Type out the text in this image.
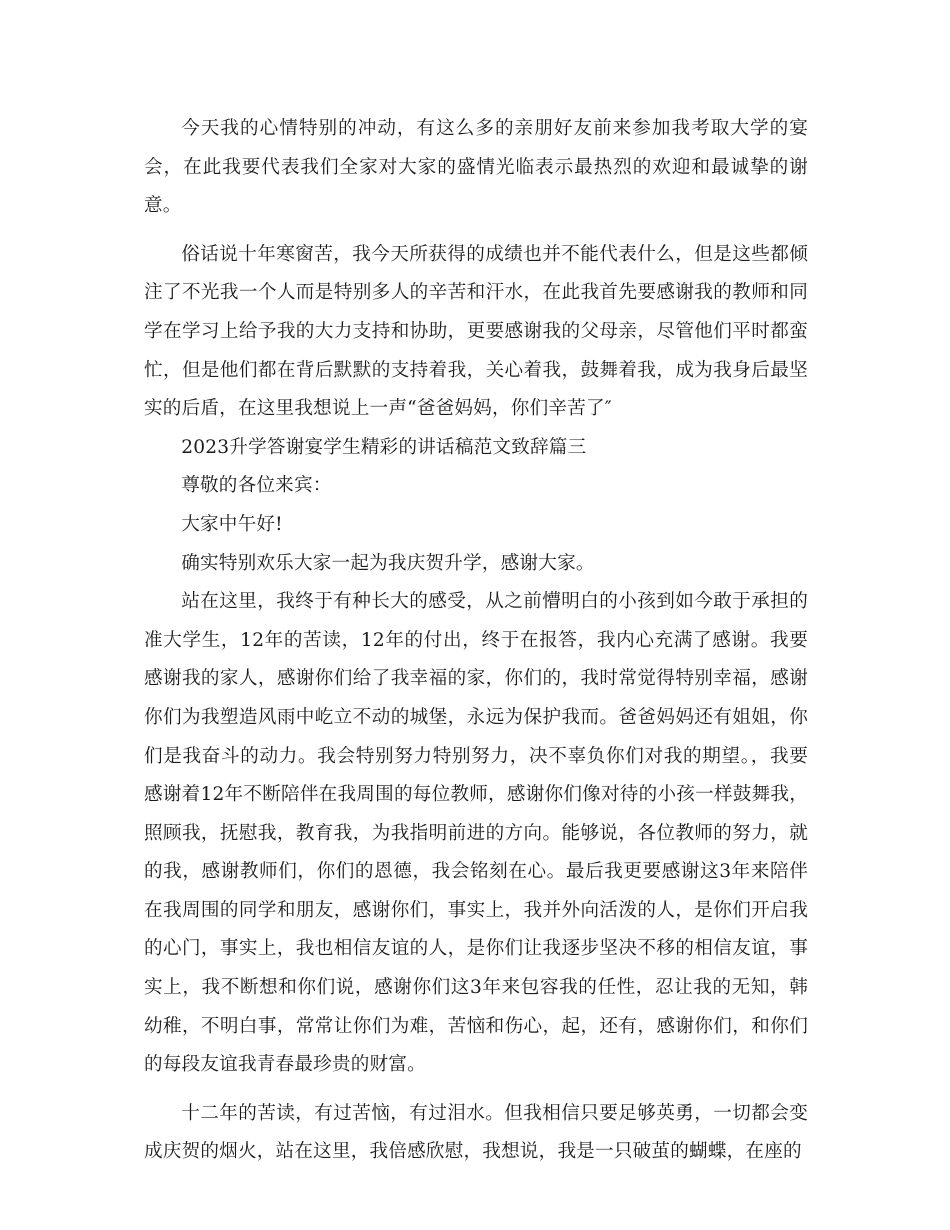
今天我的心情特别的冲动，有这么多的亲朋好友前来参加我考取大学的宴会，在此我要代表我们全家对大家的盛情光临表示最热烈的欢迎和最诚挚的谢意。

俗话说十年寒窗苦，我今天所获得的成绩也并不能代表什么，但是这些都倾注了不光我一个人而是特别多人的辛苦和汗水，在此我首先要感谢我的教师和同学在学习上给予我的大力支持和协助，更要感谢我的父母亲，尽管他们平时都蛮忙，但是他们都在背后默默的支持着我，关心着我，鼓舞着我，成为我身后最坚实的后盾，在这里我想说上一声“爸爸妈妈，你们辛苦了″

2023升学答谢宴学生精彩的讲话稿范文致辞篇三

尊敬的各位来宾：

大家中午好!

确实特别欢乐大家一起为我庆贺升学，感谢大家。

站在这里，我终于有种长大的感受，从之前懵明白的小孩到如今敢于承担的准大学生，12年的苦读，12年的付出，终于在报答，我内心充满了感谢。我要感谢我的家人，感谢你们给了我幸福的家，你们的，我时常觉得特别幸福，感谢你们为我塑造风雨中屹立不动的城堡，永远为保护我而。爸爸妈妈还有姐姐，你们是我奋斗的动力。我会特别努力特别努力，决不辜负你们对我的期望。，我要感谢着12年不断陪伴在我周围的每位教师，感谢你们像对待的小孩一样鼓舞我，照顾我，抚慰我，教育我，为我指明前进的方向。能够说，各位教师的努力，就的我，感谢教师们，你们的恩德，我会铭刻在心。最后我更要感谢这3年来陪伴在我周围的同学和朋友，感谢你们，事实上，我并外向活泼的人，是你们开启我的心门，事实上，我也相信友谊的人，是你们让我逐步坚决不移的相信友谊，事实上，我不断想和你们说，感谢你们这3年来包容我的任性，忍让我的无知，韩幼稚，不明白事，常常让你们为难，苦恼和伤心，起，还有，感谢你们，和你们的每段友谊我青春最珍贵的财富。

十二年的苦读，有过苦恼，有过泪水。但我相信只要足够英勇，一切都会变成庆贺的烟火，站在这里，我倍感欣慰，我想说，我是一只破茧的蝴蝶，在座的
